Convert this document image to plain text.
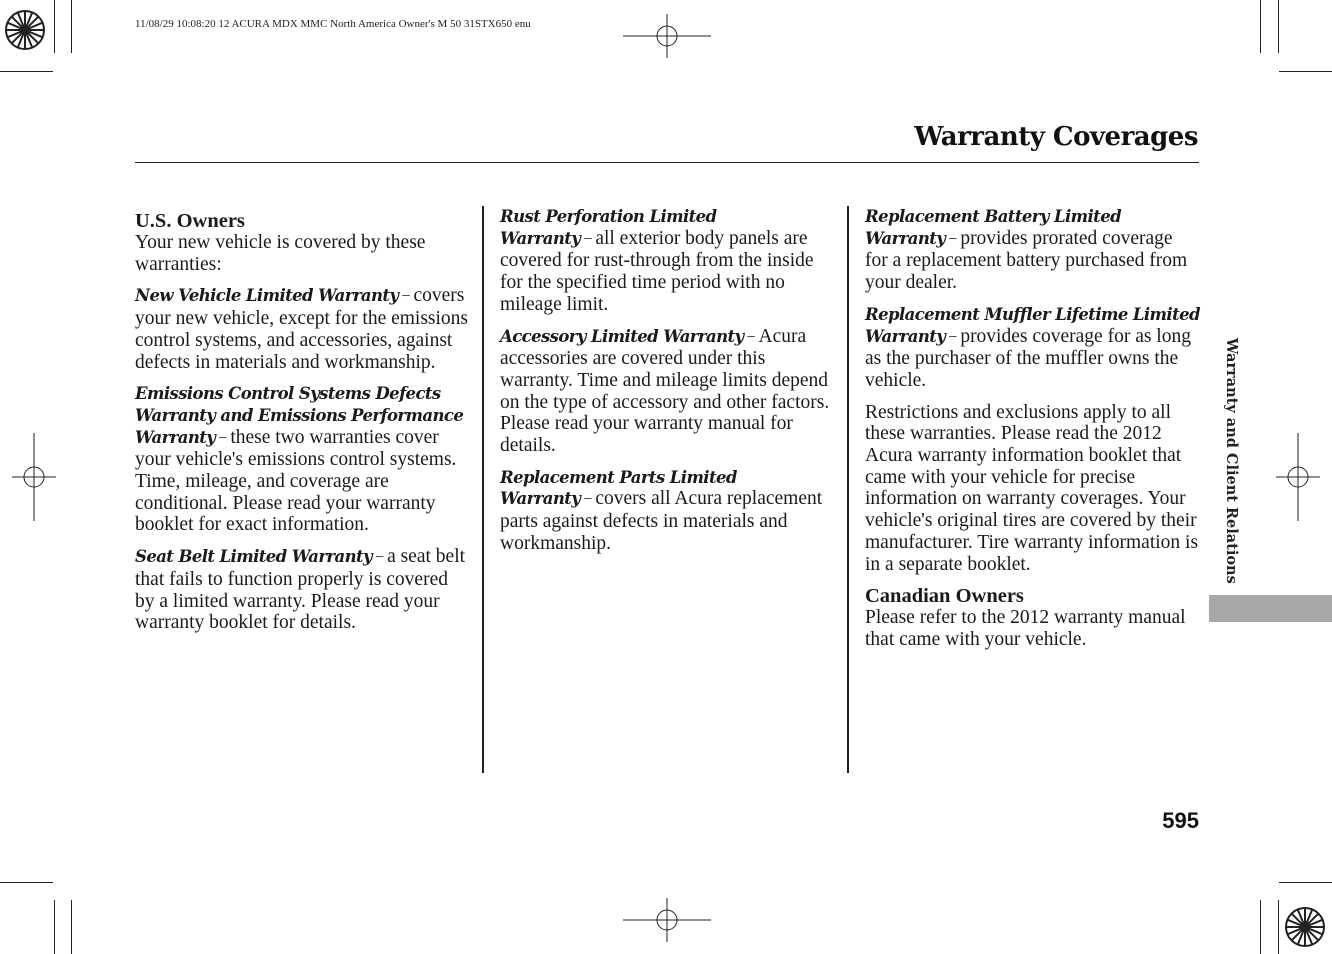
11/08/29 10:08:20 12 ACURA MDX MMC North America Owner's M 50 31STX650 enu
Warranty Coverages
U.S. Owners

Your new vehicle is covered by these warranties:

New Vehicle Limited Warranty − covers your new vehicle, except for the emissions control systems, and accessories, against defects in materials and workmanship.

Emissions Control Systems Defects Warranty and Emissions Performance Warranty − these two warranties cover your vehicle's emissions control systems. Time, mileage, and coverage are conditional. Please read your warranty booklet for exact information.

Seat Belt Limited Warranty − a seat belt that fails to function properly is covered by a limited warranty. Please read your warranty booklet for details.

Rust Perforation Limited Warranty − all exterior body panels are covered for rust-through from the inside for the specified time period with no mileage limit.

Accessory Limited Warranty − Acura accessories are covered under this warranty. Time and mileage limits depend on the type of accessory and other factors. Please read your warranty manual for details.

Replacement Parts Limited Warranty − covers all Acura replacement parts against defects in materials and workmanship.

Replacement Battery Limited Warranty − provides prorated coverage for a replacement battery purchased from your dealer.

Replacement Muffler Lifetime Limited Warranty − provides coverage for as long as the purchaser of the muffler owns the vehicle.

Restrictions and exclusions apply to all these warranties. Please read the 2012 Acura warranty information booklet that came with your vehicle for precise information on warranty coverages. Your vehicle's original tires are covered by their manufacturer. Tire warranty information is in a separate booklet.

Canadian Owners

Please refer to the 2012 warranty manual that came with your vehicle.

Warranty and Client Relations
595
